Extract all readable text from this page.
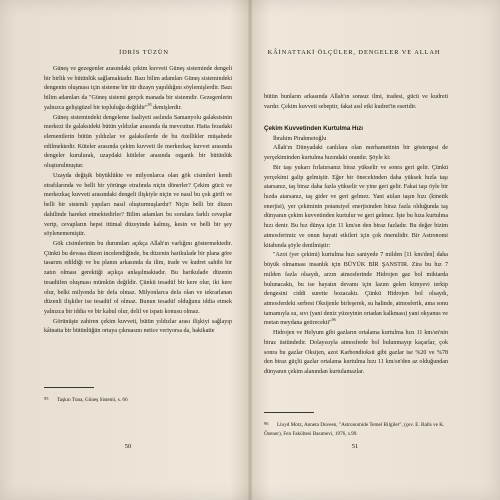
İDRİS TÜZÜN

Güneş ve gezegenler arasındaki çekim kuvveti Güneş sisteminde dengeli bir birlik ve bütünlük sağlamaktadır. Bazı bilim adamları Güneş sistemindeki dengenin oluşması için sisteme bir tür dizayn yapıldığını söylemişlerdir. Bazı bilim adamları da "Güneş sistemi gerçek manada bir sistemdir. Gezegenlerin yalnızca gelişigüzel bir topluluğu değildir"$^{95}$ demişlerdir.

Güneş sistemindeki dengeleme faaliyeti asılında Samanyolu galaksisinin merkezi ile galaksideki bütün yıldızlar arasında da mevcuttur. Hatta fezadaki elementlerin bütün yıldızlar ve galaksilerde de bu özellikler müşahede edilmektedir. Küteler arasında çekim kuvveti ile merkezkaç kuvvet arasında dengeler kurulurak, uzaydaki kütleler arasında organik bir bütünlük oluşturulmuştur.

Uzayda değişik büyüklükte ve milyonlarca olan gök cisimleri kendi etrafılarında ve belli bir yörünge etrafında niçin dönerler? Çekim gücü ve merkezkaç kuvveti arasındaki dengeli ilişkiyle niçin ve nasıl bu çok girift ve belli bir sistemli yapıları nasıl oluşturmuşlardır? Niçin belli bir düzen dahilinde hareket etmektedirler? Bilim adamları bu sorulara farklı cevaplar verip, cevapların hepsi ittimal düzeyinde kalmış, kesin ve belli bir şey söylenememiştir.

Gök cisimlerinin bu durumları açıkça Allah'ın varlığını göstermektedir. Çünkü bu devasa düzen incelendiğinde, bu düzenin harikulade bir plana göre tasarım edildiği ve bu planın arkasında da ilim, irade ve kudret sahibi bir zatın olması gerektiği açıkça anlaşılmaktadır. Bu harikulade düzenin tesadüfen oluşması mümkün değildir. Çünkü tesadüf bir kere olur, iki kere olur, belki milyonda bir defa olmaz. Milyonlarca defa olan ve tekrarlanan düzenli ilişkiler ise tesadüf ol olmaz. Bunun tesadüf olduğunu iddia etmek yalnızca bir iddia ve bir kabul olur, delil ve ispatı konusu olmaz.

Görünüşte zahiren çekim kuvveti, bütün yıldızlar arası ilişkiyi sağlayıp kâinatta bir bütünlüğün ortaya çıkmasını netice veriyorsa da, hakikatte

95 Taşkın Tuna, Güneş Sistemi, s. 66
50
KÂİNATTAKİ ÖLÇÜLER, DENGELER VE ALLAH

bütün bunların arkasında Allah'ın sonsuz ilmi, iradesi, gücü ve kudreti vardır. Çekim kuvveti sebeptir, fakat asıl etki kudret'in eseridir.

Çekim Kuvvetinden Kurtulma Hızı

İbrahim Pirahmetoğlu

Allah'ın Dünyadaki canlılara olan merhametinin bir göstergesi de yerçekiminden kurtulma hızındaki orandır. Şöyle ki:

Bir taşı yukarı fırlatırsanız biraz yükselir ve sonra geri gelir. Çünkü yerçekimi galip gelmiştir. Eğer bir önecekinden daha yüksek hızla taşı atarsanız, taş biraz daha fazla yükselir ve yine geri gelir. Fakat taşı öyle bir hızda atarsanız, taş gider ve geri gelmez. Yani atılan taşın hızı (kinetik enerjisi), yer çekiminin potansiyel enerjisinden biraz fazla olduğunda taş dünyanın çekim kuvvetinden kurtulur ve geri gelmez. İşte bu hıza kurtulma hızı denir. Bu hız dünya için 11 km/sn den biraz fazladır. Bu değer bizim atmosferimiz ve onun hayati etkileri için çok önemlidir. Bir Astronomi kitabında şöyle denilmiştir:

"Azot (yer çekimi) kurtulma hızı saniyede 7 milden [11 km/den] daha büyük olmaması insanlık için BÜYÜK BİR ŞANSTIR. Zira bu hız 7 milden fazla olsaydı, arzın atmosferinde Hidrojen gaz bol miktarda bulunacaktı, bu ise hayatın devamı için lazım gelen kimyevi terkip dengesini ciddi surette bozacaktı. Çünkü Hidrojen bol olsaydı, atmosferdeki serbest Oksijenle birleşerek, su halinde, atmosferik, ama sonu tamamıyla su, sıvı (yani deniz yüzeyinin ortadan kalkması) yani okyanus ve metan meydana getirecekti"$^{96}$

Hidrojen ve Helyum gibi gazların ortalama kurtulma hızı 11 km/sn'nin biraz üstündedir. Dolayısıyla atmosferde bol bulunmayıp kaçarlar, çok sonra bu gazlar Oksijen, azot Karbondioksit gibi gazlar ise %20 ve %78 den biraz güçlü gazlar ortalama kurtulma hızı 11 km/sn'den az olduğundan dünyanın çekim alanından kurtulamazlar.

96 Lloyd Motz, Anneta Duveen, "Astronomide Temel Bilgiler", (çev. E. Balls ve K. Özener), Fen Fakültesi Basımevi, 1976, s.99.
51
